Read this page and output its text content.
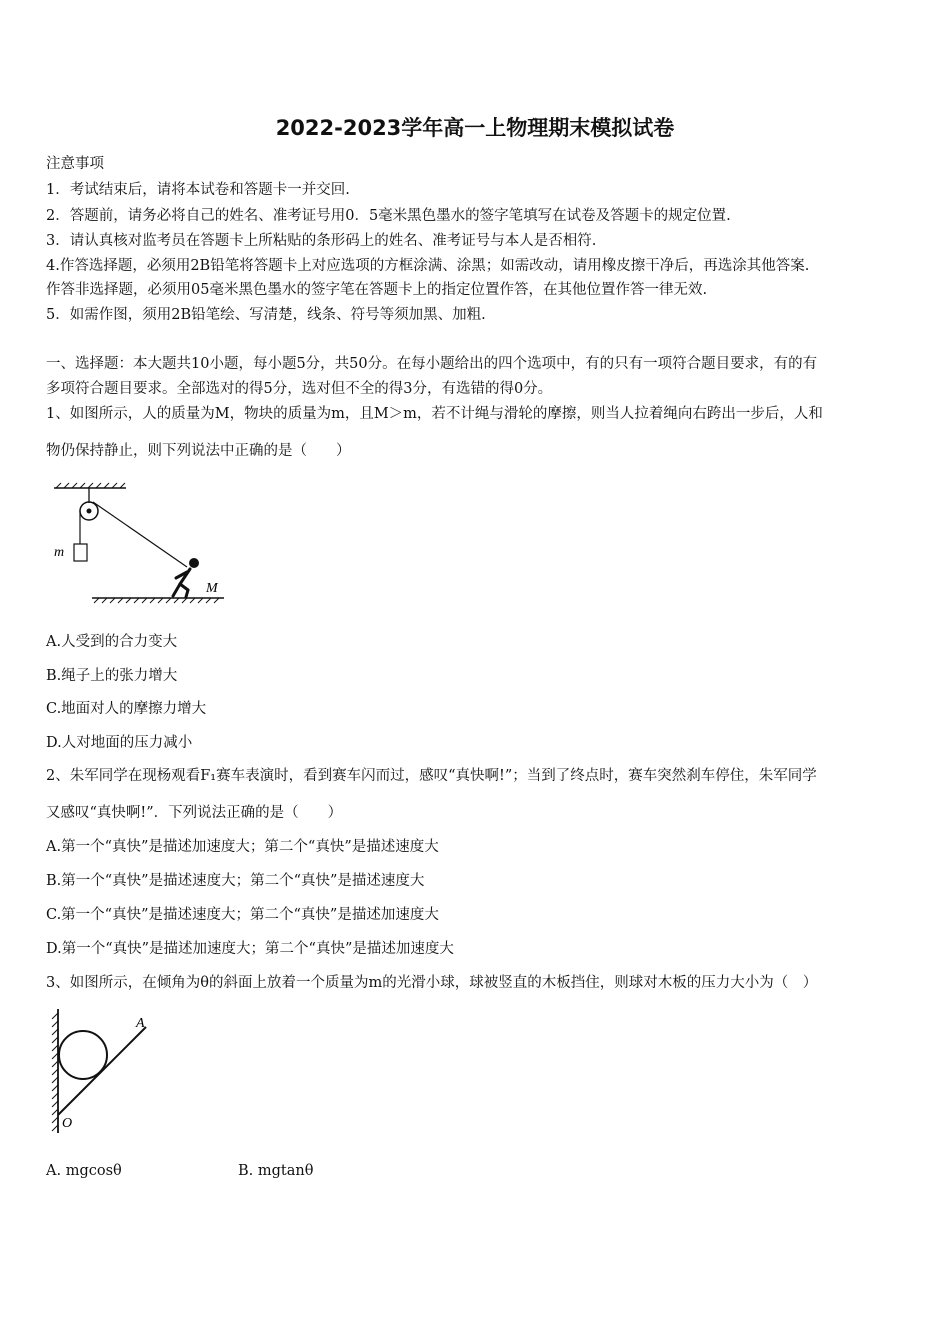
2022-2023学年高一上物理期末模拟试卷
注意事项
1．考试结束后，请将本试卷和答题卡一并交回.
2．答题前，请务必将自己的姓名、准考证号用0．5毫米黑色墨水的签字笔填写在试卷及答题卡的规定位置.
3．请认真核对监考员在答题卡上所粘贴的条形码上的姓名、准考证号与本人是否相符.
4.作答选择题，必须用2B铅笔将答题卡上对应选项的方框涂满、涂黑；如需改动，请用橡皮擦干净后，再选涂其他答案.
作答非选择题，必须用05毫米黑色墨水的签字笔在答题卡上的指定位置作答，在其他位置作答一律无效.
5．如需作图，须用2B铅笔绘、写清楚，线条、符号等须加黑、加粗.
一、选择题：本大题共10小题，每小题5分，共50分。在每小题给出的四个选项中，有的只有一项符合题目要求，有的有
多项符合题目要求。全部选对的得5分，选对但不全的得3分，有选错的得0分。
1、如图所示，人的质量为M，物块的质量为m，且M＞m，若不计绳与滑轮的摩擦，则当人拉着绳向右跨出一步后，人和
物仍保持静止，则下列说法中正确的是（　　）
m
M
A.人受到的合力变大
B.绳子上的张力增大
C.地面对人的摩擦力增大
D.人对地面的压力减小
2、朱军同学在现杨观看F₁赛车表演时，看到赛车闪而过，感叹“真快啊!”；当到了终点时，赛车突然刹车停住，朱军同学
又感叹“真快啊!”．下列说法正确的是（　　）
A.第一个“真快”是描述加速度大；第二个“真快”是描述速度大
B.第一个“真快”是描述速度大；第二个“真快”是描述速度大
C.第一个“真快”是描述速度大；第二个“真快”是描述加速度大
D.第一个“真快”是描述加速度大；第二个“真快”是描述加速度大
3、如图所示，在倾角为θ的斜面上放着一个质量为m的光滑小球，球被竖直的木板挡住，则球对木板的压力大小为（　）
A
O
A. mgcosθ	B. mgtanθ
